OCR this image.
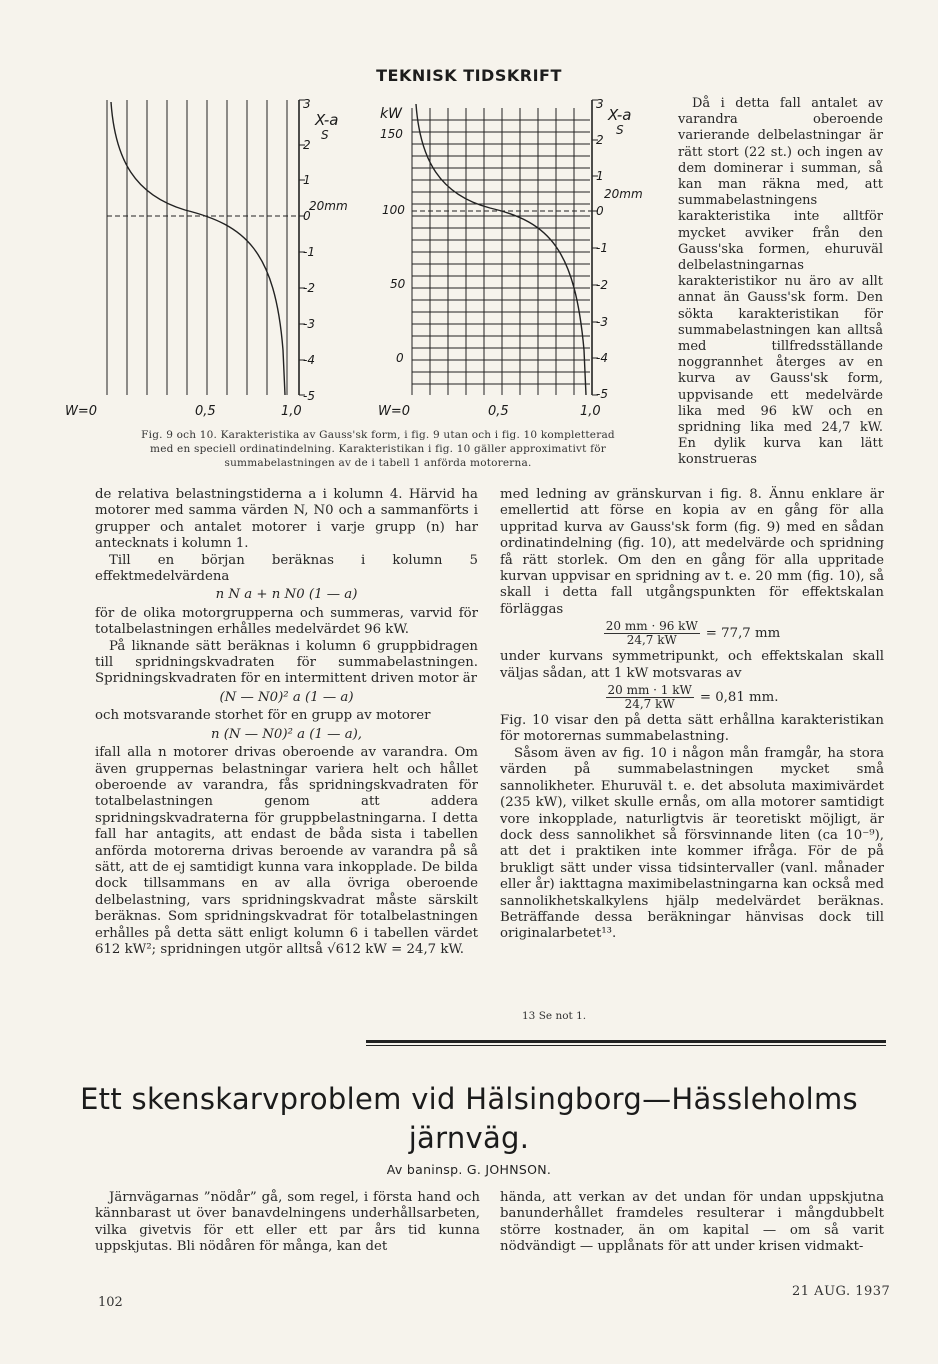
TEKNISK TIDSKRIFT
3
2
1
0
-1
-2
-3
-4
-5
X-a
S
20mm
W=0	0,5	1,0
kW
150
100
50
0
3
2
1
0
-1
-2
-3
-4
-5
X-a
S
20mm
W=0	0,5	1,0
Fig. 9 och 10. Karakteristika av Gauss'sk form, i fig. 9 utan och i fig. 10 kompletterad
med en speciell ordinatindelning. Karakteristikan i fig. 10 gäller approximativt för
summabelastningen av de i tabell 1 anförda motorerna.

Då i detta fall antalet av varandra oberoende varierande delbelastningar är rätt stort (22 st.) och ingen av dem dominerar i summan, så kan man räkna med, att summabelastningens karakteristika inte alltför mycket avviker från den Gauss'ska formen, ehuruväl delbelastningarnas karakteristikor nu äro av allt annat än Gauss'sk form. Den sökta karakteristikan för summabelastningen kan alltså med tillfredsställande noggrannhet återges av en kurva av Gauss'sk form, uppvisande ett medelvärde lika med 96 kW och en spridning lika med 24,7 kW. En dylik kurva kan lätt konstrueras

de relativa belastningstiderna a i kolumn 4. Härvid ha motorer med samma värden N, N0 och a sammanförts i grupper och antalet motorer i varje grupp (n) har antecknats i kolumn 1.

Till en början beräknas i kolumn 5 effektmedelvärdena

n N a + n N0 (1 — a)

för de olika motorgrupperna och summeras, varvid för totalbelastningen erhålles medelvärdet 96 kW.

På liknande sätt beräknas i kolumn 6 gruppbidragen till spridningskvadraten för summabelastningen. Spridningskvadraten för en intermittent driven motor är

(N — N0)² a (1 — a)

och motsvarande storhet för en grupp av motorer

n (N — N0)² a (1 — a),

ifall alla n motorer drivas oberoende av varandra. Om även gruppernas belastningar variera helt och hållet oberoende av varandra, fås spridningskvadraten för totalbelastningen genom att addera spridningskvadraterna för gruppbelastningarna. I detta fall har antagits, att endast de båda sista i tabellen anförda motorerna drivas beroende av varandra på så sätt, att de ej samtidigt kunna vara inkopplade. De bilda dock tillsammans en av alla övriga oberoende delbelastning, vars spridningskvadrat måste särskilt beräknas. Som spridningskvadrat för totalbelastningen erhålles på detta sätt enligt kolumn 6 i tabellen värdet 612 kW²; spridningen utgör alltså √612 kW = 24,7 kW.

med ledning av gränskurvan i fig. 8. Ännu enklare är emellertid att förse en kopia av en gång för alla uppritad kurva av Gauss'sk form (fig. 9) med en sådan ordinatindelning (fig. 10), att medelvärde och spridning få rätt storlek. Om den en gång för alla uppritade kurvan uppvisar en spridning av t. e. 20 mm (fig. 10), så skall i detta fall utgångspunkten för effektskalan förläggas

$\frac{20 mm \cdot 96 kW}{24,7 kW} = 77,7$ mm

under kurvans symmetripunkt, och effektskalan skall väljas sådan, att 1 kW motsvaras av

$\frac{20 mm \cdot 1 kW}{24,7 kW} = 0,81$ mm.

Fig. 10 visar den på detta sätt erhållna karakteristikan för motorernas summabelastning.

Såsom även av fig. 10 i någon mån framgår, ha stora värden på summabelastningen mycket små sannolikheter. Ehuruväl t. e. det absoluta maximivärdet (235 kW), vilket skulle ernås, om alla motorer samtidigt vore inkopplade, naturligtvis är teoretiskt möjligt, är dock dess sannolikhet så försvinnande liten (ca 10⁻⁹), att det i praktiken inte kommer ifråga. För de på brukligt sätt under vissa tidsintervaller (vanl. månader eller år) iakttagna maximibelastningarna kan också med sannolikhetskalkylens hjälp medelvärdet beräknas. Beträffande dessa beräkningar hänvisas dock till originalarbetet¹³.

13 Se not 1.
Ett skenskarvproblem vid Hälsingborg—Hässleholms
järnväg.
Av baninsp. G. JOHNSON.

Järnvägarnas ”nödår” gå, som regel, i första hand och kännbarast ut över banavdelningens underhållsarbeten, vilka givetvis för ett eller ett par års tid kunna uppskjutas. Bli nödåren för många, kan det

hända, att verkan av det undan för undan uppskjutna banunderhållet framdeles resulterar i mångdubbelt större kostnader, än om kapital — om så varit nödvändigt — upplånats för att under krisen vidmakt-

102
21 AUG. 1937
